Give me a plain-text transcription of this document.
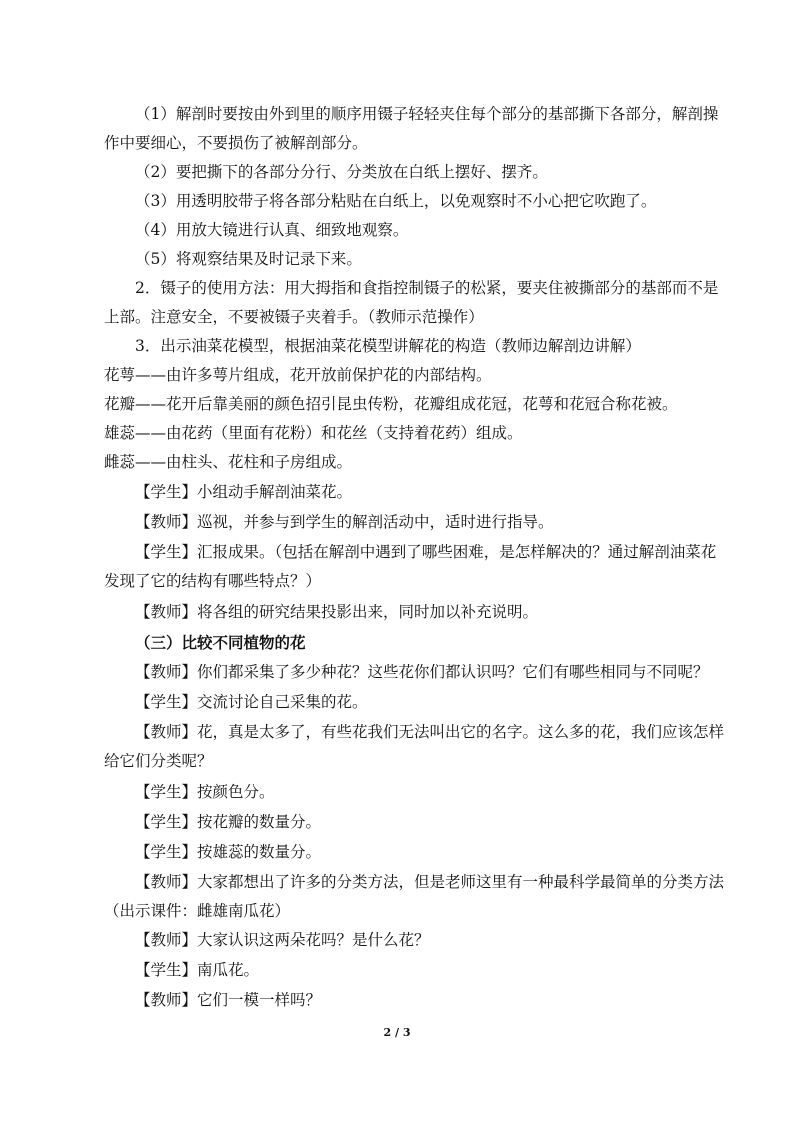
（1）解剖时要按由外到里的顺序用镊子轻轻夹住每个部分的基部撕下各部分，解剖操作中要细心，不要损伤了被解剖部分。
（2）要把撕下的各部分分行、分类放在白纸上摆好、摆齐。
（3）用透明胶带子将各部分粘贴在白纸上，以免观察时不小心把它吹跑了。
（4）用放大镜进行认真、细致地观察。
（5）将观察结果及时记录下来。
2．镊子的使用方法：用大拇指和食指控制镊子的松紧，要夹住被撕部分的基部而不是上部。注意安全，不要被镊子夹着手。（教师示范操作）
3．出示油菜花模型，根据油菜花模型讲解花的构造（教师边解剖边讲解）
花萼——由许多萼片组成，花开放前保护花的内部结构。
花瓣——花开后靠美丽的颜色招引昆虫传粉，花瓣组成花冠，花萼和花冠合称花被。
雄蕊——由花药（里面有花粉）和花丝（支持着花药）组成。
雌蕊——由柱头、花柱和子房组成。
【学生】小组动手解剖油菜花。
【教师】巡视，并参与到学生的解剖活动中，适时进行指导。
【学生】汇报成果。（包括在解剖中遇到了哪些困难，是怎样解决的？通过解剖油菜花发现了它的结构有哪些特点？）
【教师】将各组的研究结果投影出来，同时加以补充说明。
（三）比较不同植物的花
【教师】你们都采集了多少种花？这些花你们都认识吗？它们有哪些相同与不同呢？
【学生】交流讨论自己采集的花。
【教师】花，真是太多了，有些花我们无法叫出它的名字。这么多的花，我们应该怎样给它们分类呢？
【学生】按颜色分。
【学生】按花瓣的数量分。
【学生】按雄蕊的数量分。
【教师】大家都想出了许多的分类方法，但是老师这里有一种最科学最简单的分类方法（出示课件：雌雄南瓜花）
【教师】大家认识这两朵花吗？是什么花？
【学生】南瓜花。
【教师】它们一模一样吗？
2 / 3
